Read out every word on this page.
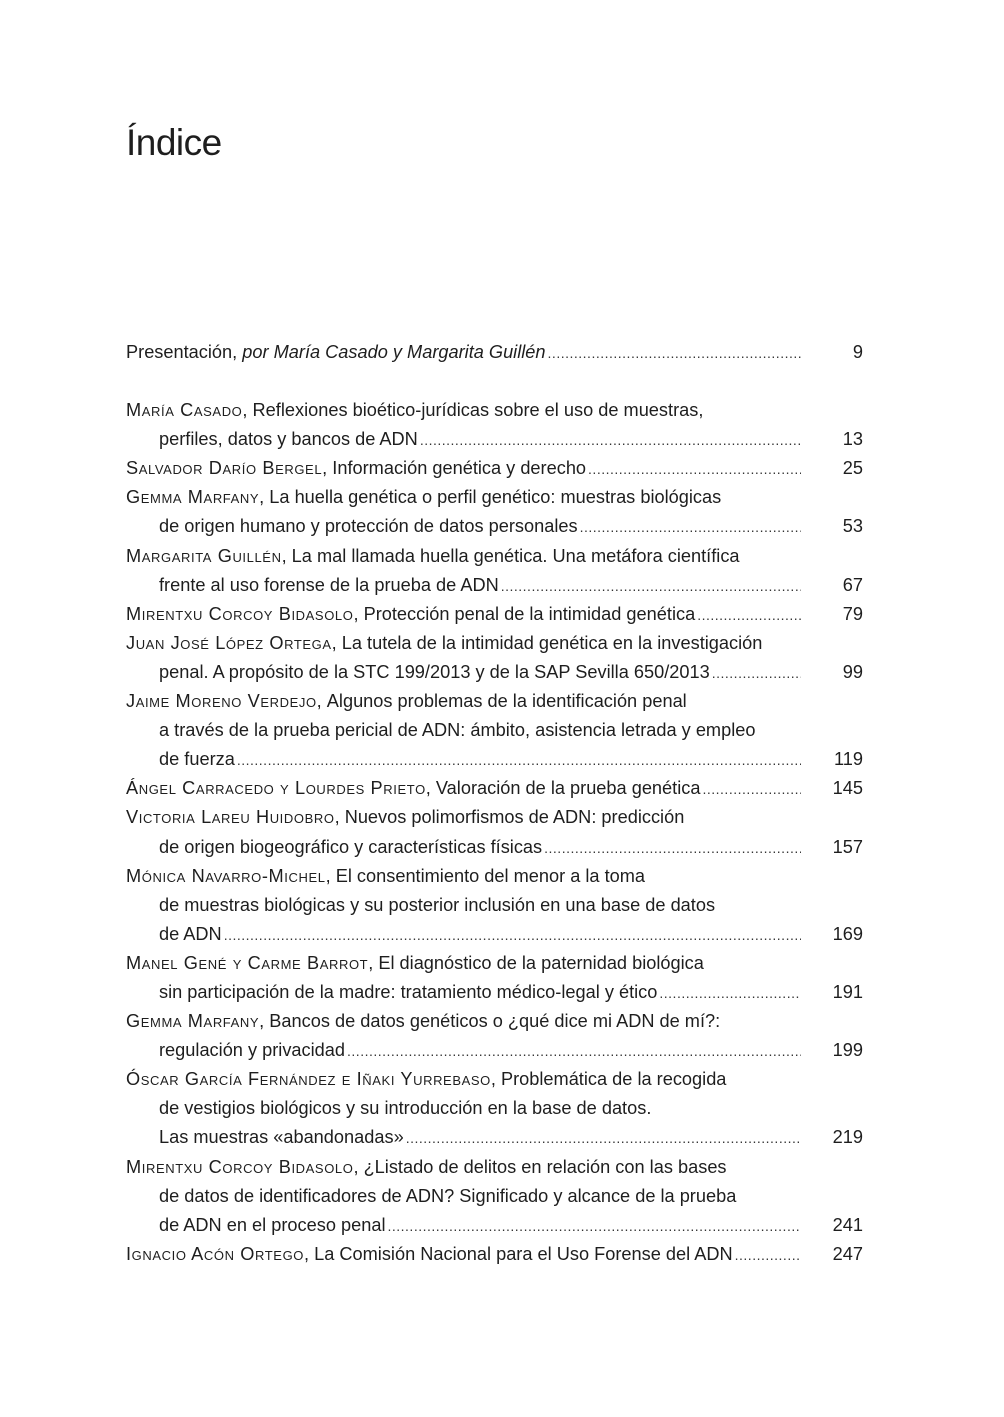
Índice
Presentación, por María Casado y Margarita Guillén .....	9
María Casado , Reflexiones bioético-jurídicas sobre el uso de muestras,
perfiles, datos y bancos de ADN .....	13
Salvador Darío Bergel , Información genética y derecho .....	25
Gemma Marfany , La huella genética o perfil genético: muestras biológicas
de origen humano y protección de datos personales .....	53
Margarita Guillén , La mal llamada huella genética. Una metáfora científica
frente al uso forense de la prueba de ADN .....	67
Mirentxu Corcoy Bidasolo , Protección penal de la intimidad genética .....	79
Juan José López Ortega , La tutela de la intimidad genética en la investigación
penal. A propósito de la STC 199/2013 y de la SAP Sevilla 650/2013 .....	99
Jaime Moreno Verdejo , Algunos problemas de la identificación penal
a través de la prueba pericial de ADN: ámbito, asistencia letrada y empleo
de fuerza .....	119
Ángel Carracedo y Lourdes Prieto , Valoración de la prueba genética .....	145
Victoria Lareu Huidobro , Nuevos polimorfismos de ADN: predicción
de origen biogeográfico y características físicas .....	157
Mónica Navarro-Michel , El consentimiento del menor a la toma
de muestras biológicas y su posterior inclusión en una base de datos
de ADN .....	169
Manel Gené y Carme Barrot , El diagnóstico de la paternidad biológica
sin participación de la madre: tratamiento médico-legal y ético .....	191
Gemma Marfany , Bancos de datos genéticos o ¿qué dice mi ADN de mí?:
regulación y privacidad .....	199
Óscar García Fernández e Iñaki Yurrebaso , Problemática de la recogida
de vestigios biológicos y su introducción en la base de datos.
Las muestras «abandonadas» .....	219
Mirentxu Corcoy Bidasolo , ¿Listado de delitos en relación con las bases
de datos de identificadores de ADN? Significado y alcance de la prueba
de ADN en el proceso penal .....	241
Ignacio Acón Ortego , La Comisión Nacional para el Uso Forense del ADN .....	247
